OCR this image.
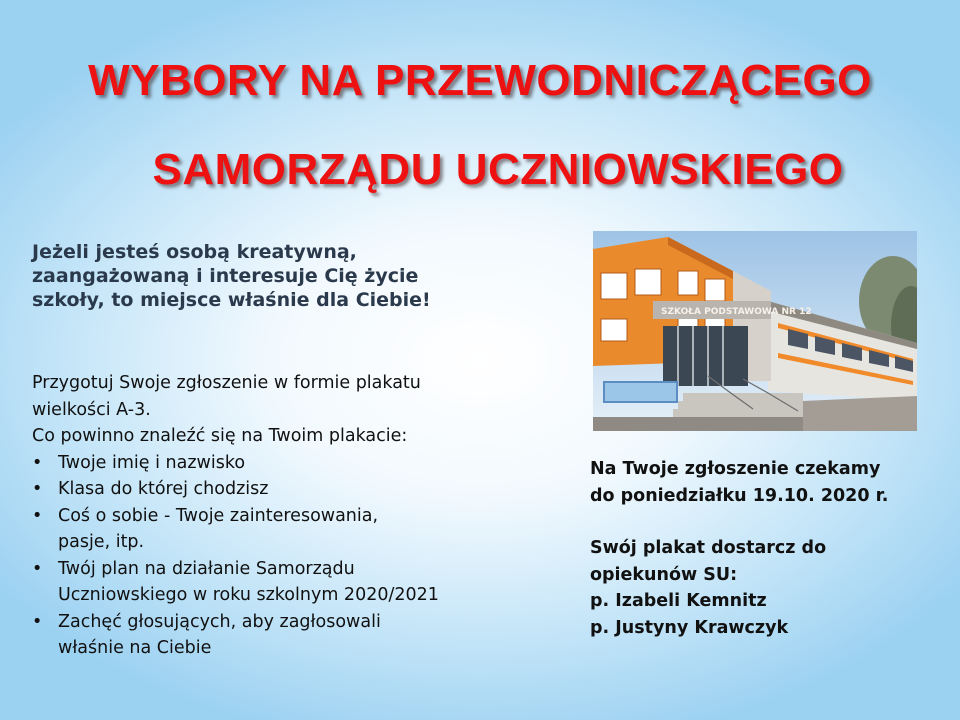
WYBORY NA PRZEWODNICZĄCEGO
SAMORZĄDU UCZNIOWSKIEGO

Jeżeli jesteś osobą kreatywną,
zaangażowaną i interesuje Cię życie
szkoły, to miejsce właśnie dla Ciebie!

Przygotuj Swoje zgłoszenie w formie plakatu
wielkości A-3.
Co powinno znaleźć się na Twoim plakacie:
• Twoje imię i nazwisko
• Klasa do której chodzisz
• Coś o sobie - Twoje zainteresowania,
pasje, itp.
• Twój plan na działanie Samorządu
Uczniowskiego w roku szkolnym 2020/2021
• Zachęć głosujących, aby zagłosowali
właśnie na Ciebie
SZKOŁA PODSTAWOWA NR 12
Na Twoje zgłoszenie czekamy
do poniedziałku 19.10. 2020 r.
Swój plakat dostarcz do
opiekunów SU:
p. Izabeli Kemnitz
p. Justyny Krawczyk
